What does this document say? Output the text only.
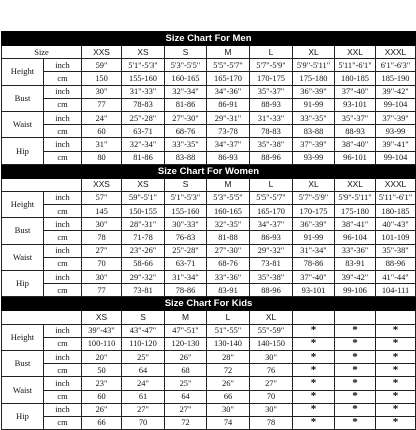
Size Chart For Men									
Size		XXS	XS	S	M	L	XL	XXL	XXXL
Height	inch	59"	5'1"-5'3"	5'3"-5'5"	5'5"-5'7"	5'7"-5'9"	5'9"-5'11"	5'11"-6'1"	6'1"-6'3"
	cm	150	155-160	160-165	165-170	170-175	175-180	180-185	185-190
Bust	inch	30"	31"-33"	32"-34"	34"-36"	35"-37"	36"-39"	37"-40"	39"-42"
	cm	77	78-83	81-86	86-91	88-93	91-99	93-101	99-104
Waist	inch	24"	25"-28"	27"-30"	29"-31"	31"-33"	33"-35"	35"-37"	37"-39"
	cm	60	63-71	68-76	73-78	78-83	83-88	88-93	93-99
Hip	inch	31"	32"-34"	33"-35"	34"-37"	35"-38"	37"-39"	38"-40"	39"-41"
	cm	80	81-86	83-88	86-93	88-96	93-99	96-101	99-104
Size Chart For Women									
		XXS	XS	S	M	L	XL	XXL	XXXL
Height	inch	57"	59"-5'1"	5'1"-5'3"	5'3"-5'5"	5'5"-5'7"	5'7"-5'9"	5'9"-5'11"	5'11"-6'1"
	cm	145	150-155	155-160	160-165	165-170	170-175	175-180	180-185
Bust	inch	30"	28"-31"	30"-33"	32"-35"	34"-37"	36"-39"	38"-41"	40"-43"
	cm	78	71-78	76-83	81-88	86-93	91-99	96-104	101-109
Waist	inch	27"	23"-26"	25"-28"	27"-30"	29"-32"	31"-34"	33"-36"	35"-38"
	cm	70	58-66	63-71	68-76	73-81	78-86	83-91	88-96
Hip	inch	30"	29"-32"	31"-34"	33"-36"	35"-38"	37"-40"	39"-42"	41"-44"
	cm	77	73-81	78-86	83-91	88-96	93-101	99-106	104-111
Size Chart For Kids									
		XS	S	M	L	XL			
Height	inch	39"-43"	43"-47"	47"-51"	51"-55"	55"-59"	*	*	*
	cm	100-110	110-120	120-130	130-140	140-150	*	*	*
Bust	inch	20"	25"	26"	28"	30"	*	*	*
	cm	50	64	68	72	76	*	*	*
Waist	inch	23"	24"	25"	26"	27"	*	*	*
	cm	60	61	64	66	70	*	*	*
Hip	inch	26"	27"	27"	30"	30"	*	*	*
	cm	66	70	72	74	78	*	*	*
